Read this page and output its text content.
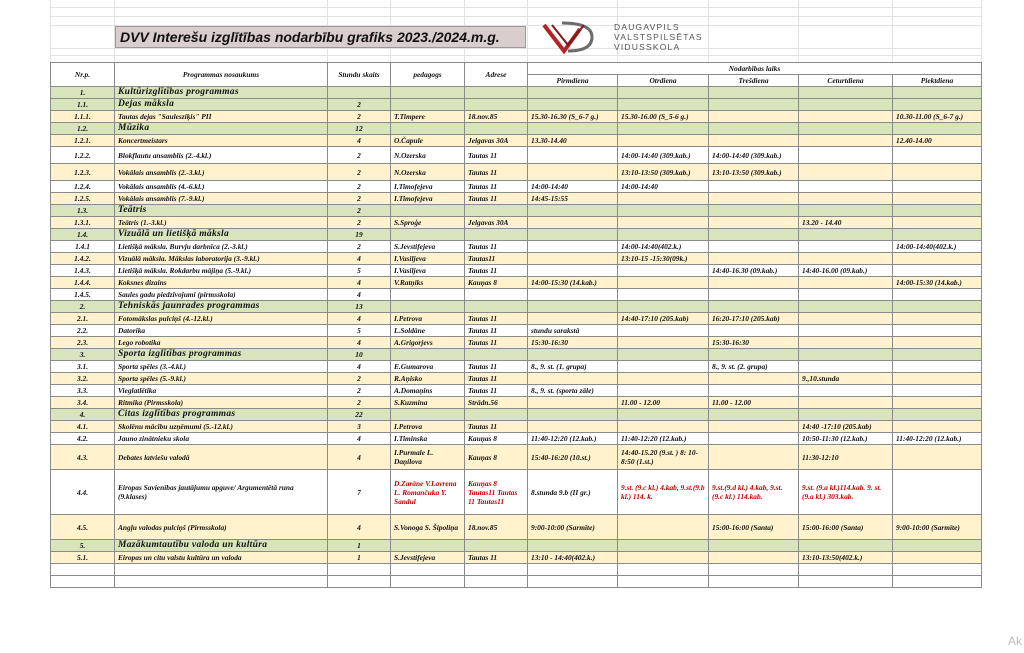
DVV Interešu izglītības nodarbību grafiks 2023./2024.m.g.
DAUGAVPILS
VALSTSPILSĒTAS
VIDUSSKOLA
Nr.p.	Programmas nosaukums	Stundu skaits	pedagogs	Adrese	Nodarbības laiks				
					Pirmdiena	Otrdiena	Trešdiena	Ceturtdiena	Piektdiena
1.	Kultūrizglītības programmas								
1.1.	Dejas māksla	2							
1.1.1.	Tautas dejas "Saulesziķis" PII	2	T.Timpere	18.nov.85	15.30-16.30 (S_6-7 g.)	15.30-16.00 (S_5-6 g.)			10.30-11.00 (S_6-7 g.)
1.2.	Mūzika	12							
1.2.1.	Koncertmeistars	4	O.Čapule	Jelgavas 30A	13.30-14.40				12.40-14.00
1.2.2.	Blokflautu ansamblis (2.-4.kl.)	2	N.Ozerska	Tautas 11		14:00-14:40 (309.kab.)	14:00-14:40 (309.kab.)		
1.2.3.	Vokālais ansamblis (2.-3.kl.)	2	N.Ozerska	Tautas 11		13:10-13:50 (309.kab.)	13:10-13:50 (309.kab.)		
1.2.4.	Vokālais ansamblis (4.-6.kl.)	2	I.Timofejeva	Tautas 11	14:00-14:40	14:00-14:40			
1.2.5.	Vokālais ansamblis (7.-9.kl.)	2	I.Timofejeva	Tautas 11	14:45-15:55				
1.3.	Teātris	2							
1.3.1.	Teātris (1.-3.kl.)	2	S.Sproģe	Jelgavas 30A				13.20 - 14.40	
1.4.	Vizuālā un lietišķā māksla	19							
1.4.1	Lietišķā māksla. Burvju darbnīca (2.-3.kl.)	2	S.Jevstifejeva	Tautas 11		14:00-14:40(402.k.)			14:00-14:40(402.k.)
1.4.2.	Vizuālā māksla. Mākslas laboratorija (3.-9.kl.)	4	I.Vasiljeva	Tautas11		13:10-15 -15:30(09k.)			
1.4.3.	Lietišķā māksla. Rokdarbu mājiņa (5.-9.kl.)	5	I.Vasiljeva	Tautas 11			14:40-16.30 (09.kab.)	14:40-16.00 (09.kab.)	
1.4.4.	Koksnes dizains	4	V.Ratņiks	Kauņas 8	14:00-15:30 (14.kab.)				14:00-15:30 (14.kab.)
1.4.5.	Saules gadu piedzīvojumi (pirmsskola)	4							
2.	Tehniskās jaunrades programmas	13							
2.1.	Fotomākslas pulciņš (4.-12.kl.)	4	I.Petrova	Tautas 11		14:40-17:10 (205.kab)	16:20-17:10 (205.kab)		
2.2.	Datorika	5	L.Soldāne	Tautas 11	stundu sarakstā				
2.3.	Lego robotika	4	A.Grigorjevs	Tautas 11	15:30-16:30		15:30-16:30		
3.	Sporta izglītības programmas	10							
3.1.	Sporta spēles (3.-4.kl.)	4	E.Gumarova	Tautas 11	8., 9. st. (1. grupa)		8., 9. st. (2. grupa)		
3.2.	Sporta spēles (5.-9.kl.)	2	R.Aņisko	Tautas 11				9.,10.stunda	
3.3.	Vieglatlētika	2	A.Domaņins	Tautas 11	8., 9. st. (sporta zāle)				
3.4.	Ritmika (Pirmsskola)	2	S.Kuzmina	Strādn.56		11.00 - 12.00	11.00 - 12.00		
4.	Citas izglītības programmas	22							
4.1.	Skolēnu mācību uzņēmumi (5.-12.kl.)	3	I.Petrova	Tautas 11				14:40 -17:10 (205.kab)	
4.2.	Jauno zinātnieku skola	4	I.Timinska	Kauņas 8	11:40-12:20 (12.kab.)	11:40-12:20 (12.kab.)		10:50-11:30 (12.kab.)	11:40-12:20 (12.kab.)
4.3.	Debates latviešu valodā	4	I.Purmale L. Daņilova	Kauņas 8	15:40-16:20 (10.st.)	14:40-15.20 (9.st. ) 8: 10-8:50 (1.st.)		11:30-12:10	
4.4.	Eiropas Savienības jautājumu apguve/ Argumentētā runa (9.klases)	7	D.Zarāne V.Lavrena L. Romančuka Y. Sandul	Kauņas 8 Tautas11 Tautas 11 Tautas11	8.stunda 9.b (II gr.)	9.st. (9.c kl.) 4.kab, 9.st.(9.b kl.) 114. k.	9.st.(9.d kl.) 4.kab, 9.st. (9.c kl.) 114.kab.	9.st. (9.a kl.)114.kab. 9. st. (9.a kl.) 303.kab.	
4.5.	Angļu valodas pulciņš (Pirmsskola)	4	S.Vonoga S. Šipoliņa	18.nov.85	9:00-10:00 (Sarmīte)		15:00-16:00 (Santa)	15:00-16:00 (Santa)	9:00-10:00 (Sarmīte)
5.	Mazākumtautību valoda un kultūra	1							
5.1.	Eiropas un citu valstu kultūra un valoda	1	S.Jevstifejeva	Tautas 11	13:10 - 14:40(402.k.)			13:10-13:50(402.k.)	

Ak
